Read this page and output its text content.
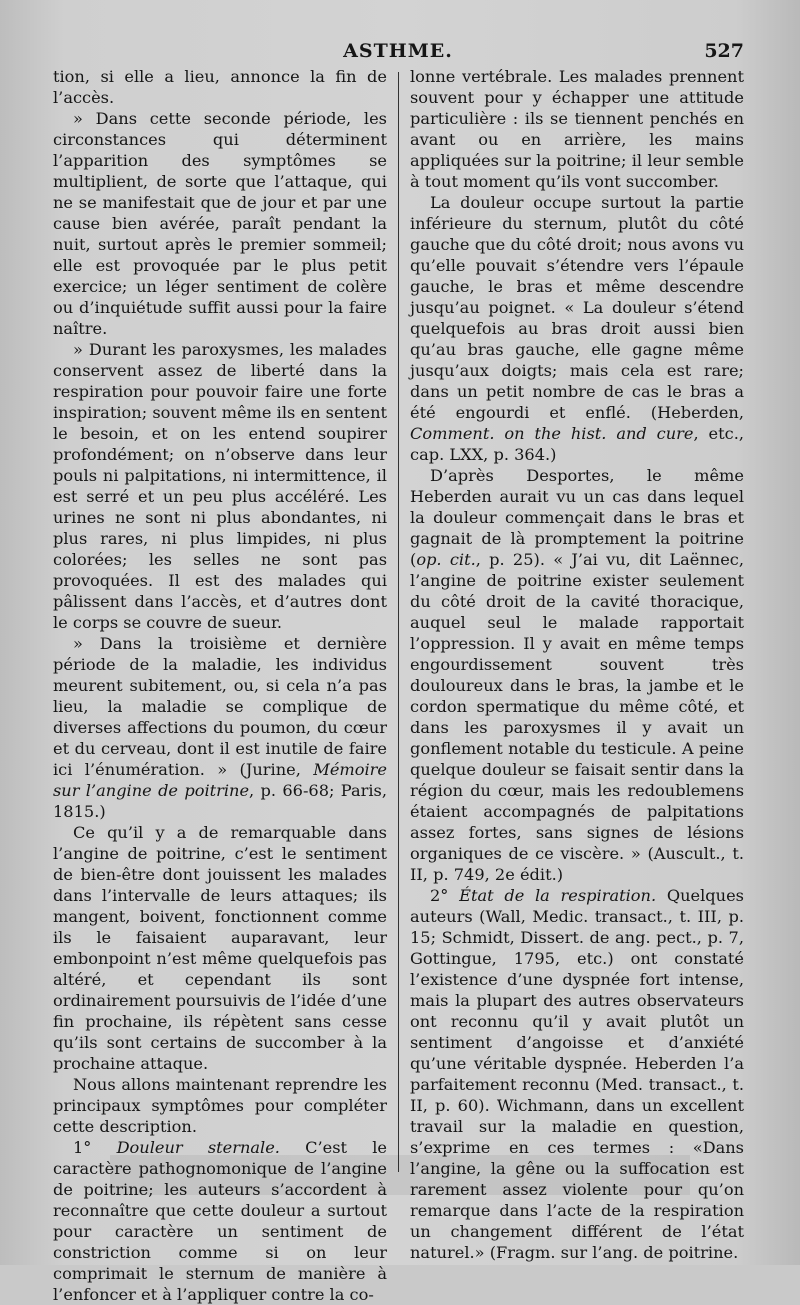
ASTHME.	527

tion, si elle a lieu, annonce la fin de l’accès.

» Dans cette seconde période, les circonstances qui déterminent l’apparition des symptômes se multiplient, de sorte que l’attaque, qui ne se manifestait que de jour et par une cause bien avérée, paraît pendant la nuit, surtout après le premier sommeil; elle est provoquée par le plus petit exercice; un léger sentiment de colère ou d’inquiétude suffit aussi pour la faire naître.

» Durant les paroxysmes, les malades conservent assez de liberté dans la respiration pour pouvoir faire une forte inspiration; souvent même ils en sentent le besoin, et on les entend soupirer profondément; on n’observe dans leur pouls ni palpitations, ni intermittence, il est serré et un peu plus accéléré. Les urines ne sont ni plus abondantes, ni plus rares, ni plus limpides, ni plus colorées; les selles ne sont pas provoquées. Il est des malades qui pâlissent dans l’accès, et d’autres dont le corps se couvre de sueur.

» Dans la troisième et dernière période de la maladie, les individus meurent subitement, ou, si cela n’a pas lieu, la maladie se complique de diverses affections du poumon, du cœur et du cerveau, dont il est inutile de faire ici l’énumération. » (Jurine, Mémoire sur l’angine de poitrine, p. 66-68; Paris, 1815.)

Ce qu’il y a de remarquable dans l’angine de poitrine, c’est le sentiment de bien-être dont jouissent les malades dans l’intervalle de leurs attaques; ils mangent, boivent, fonctionnent comme ils le faisaient auparavant, leur embonpoint n’est même quelquefois pas altéré, et cependant ils sont ordinairement poursuivis de l’idée d’une fin prochaine, ils répètent sans cesse qu’ils sont certains de succomber à la prochaine attaque.

Nous allons maintenant reprendre les principaux symptômes pour compléter cette description.

1° Douleur sternale. C’est le caractère pathognomonique de l’angine de poitrine; les auteurs s’accordent à reconnaître que cette douleur a surtout pour caractère un sentiment de constriction comme si on leur comprimait le sternum de manière à l’enfoncer et à l’appliquer contre la co-

lonne vertébrale. Les malades prennent souvent pour y échapper une attitude particulière : ils se tiennent penchés en avant ou en arrière, les mains appliquées sur la poitrine; il leur semble à tout moment qu’ils vont succomber.

La douleur occupe surtout la partie inférieure du sternum, plutôt du côté gauche que du côté droit; nous avons vu qu’elle pouvait s’étendre vers l’épaule gauche, le bras et même descendre jusqu’au poignet. « La douleur s’étend quelquefois au bras droit aussi bien qu’au bras gauche, elle gagne même jusqu’aux doigts; mais cela est rare; dans un petit nombre de cas le bras a été engourdi et enflé. (Heberden, Comment. on the hist. and cure, etc., cap. LXX, p. 364.)

D’après Desportes, le même Heberden aurait vu un cas dans lequel la douleur commençait dans le bras et gagnait de là promptement la poitrine (op. cit., p. 25). « J’ai vu, dit Laënnec, l’angine de poitrine exister seulement du côté droit de la cavité thoracique, auquel seul le malade rapportait l’oppression. Il y avait en même temps engourdissement souvent très douloureux dans le bras, la jambe et le cordon spermatique du même côté, et dans les paroxysmes il y avait un gonflement notable du testicule. A peine quelque douleur se faisait sentir dans la région du cœur, mais les redoublemens étaient accompagnés de palpitations assez fortes, sans signes de lésions organiques de ce viscère. » (Auscult., t. II, p. 749, 2e édit.)

2° État de la respiration. Quelques auteurs (Wall, Medic. transact., t. III, p. 15; Schmidt, Dissert. de ang. pect., p. 7, Gottingue, 1795, etc.) ont constaté l’existence d’une dyspnée fort intense, mais la plupart des autres observateurs ont reconnu qu’il y avait plutôt un sentiment d’angoisse et d’anxiété qu’une véritable dyspnée. Heberden l’a parfaitement reconnu (Med. transact., t. II, p. 60). Wichmann, dans un excellent travail sur la maladie en question, s’exprime en ces termes : «Dans l’angine, la gêne ou la suffocation est rarement assez violente pour qu’on remarque dans l’acte de la respiration un changement différent de l’état naturel.» (Fragm. sur l’ang. de poitrine.
